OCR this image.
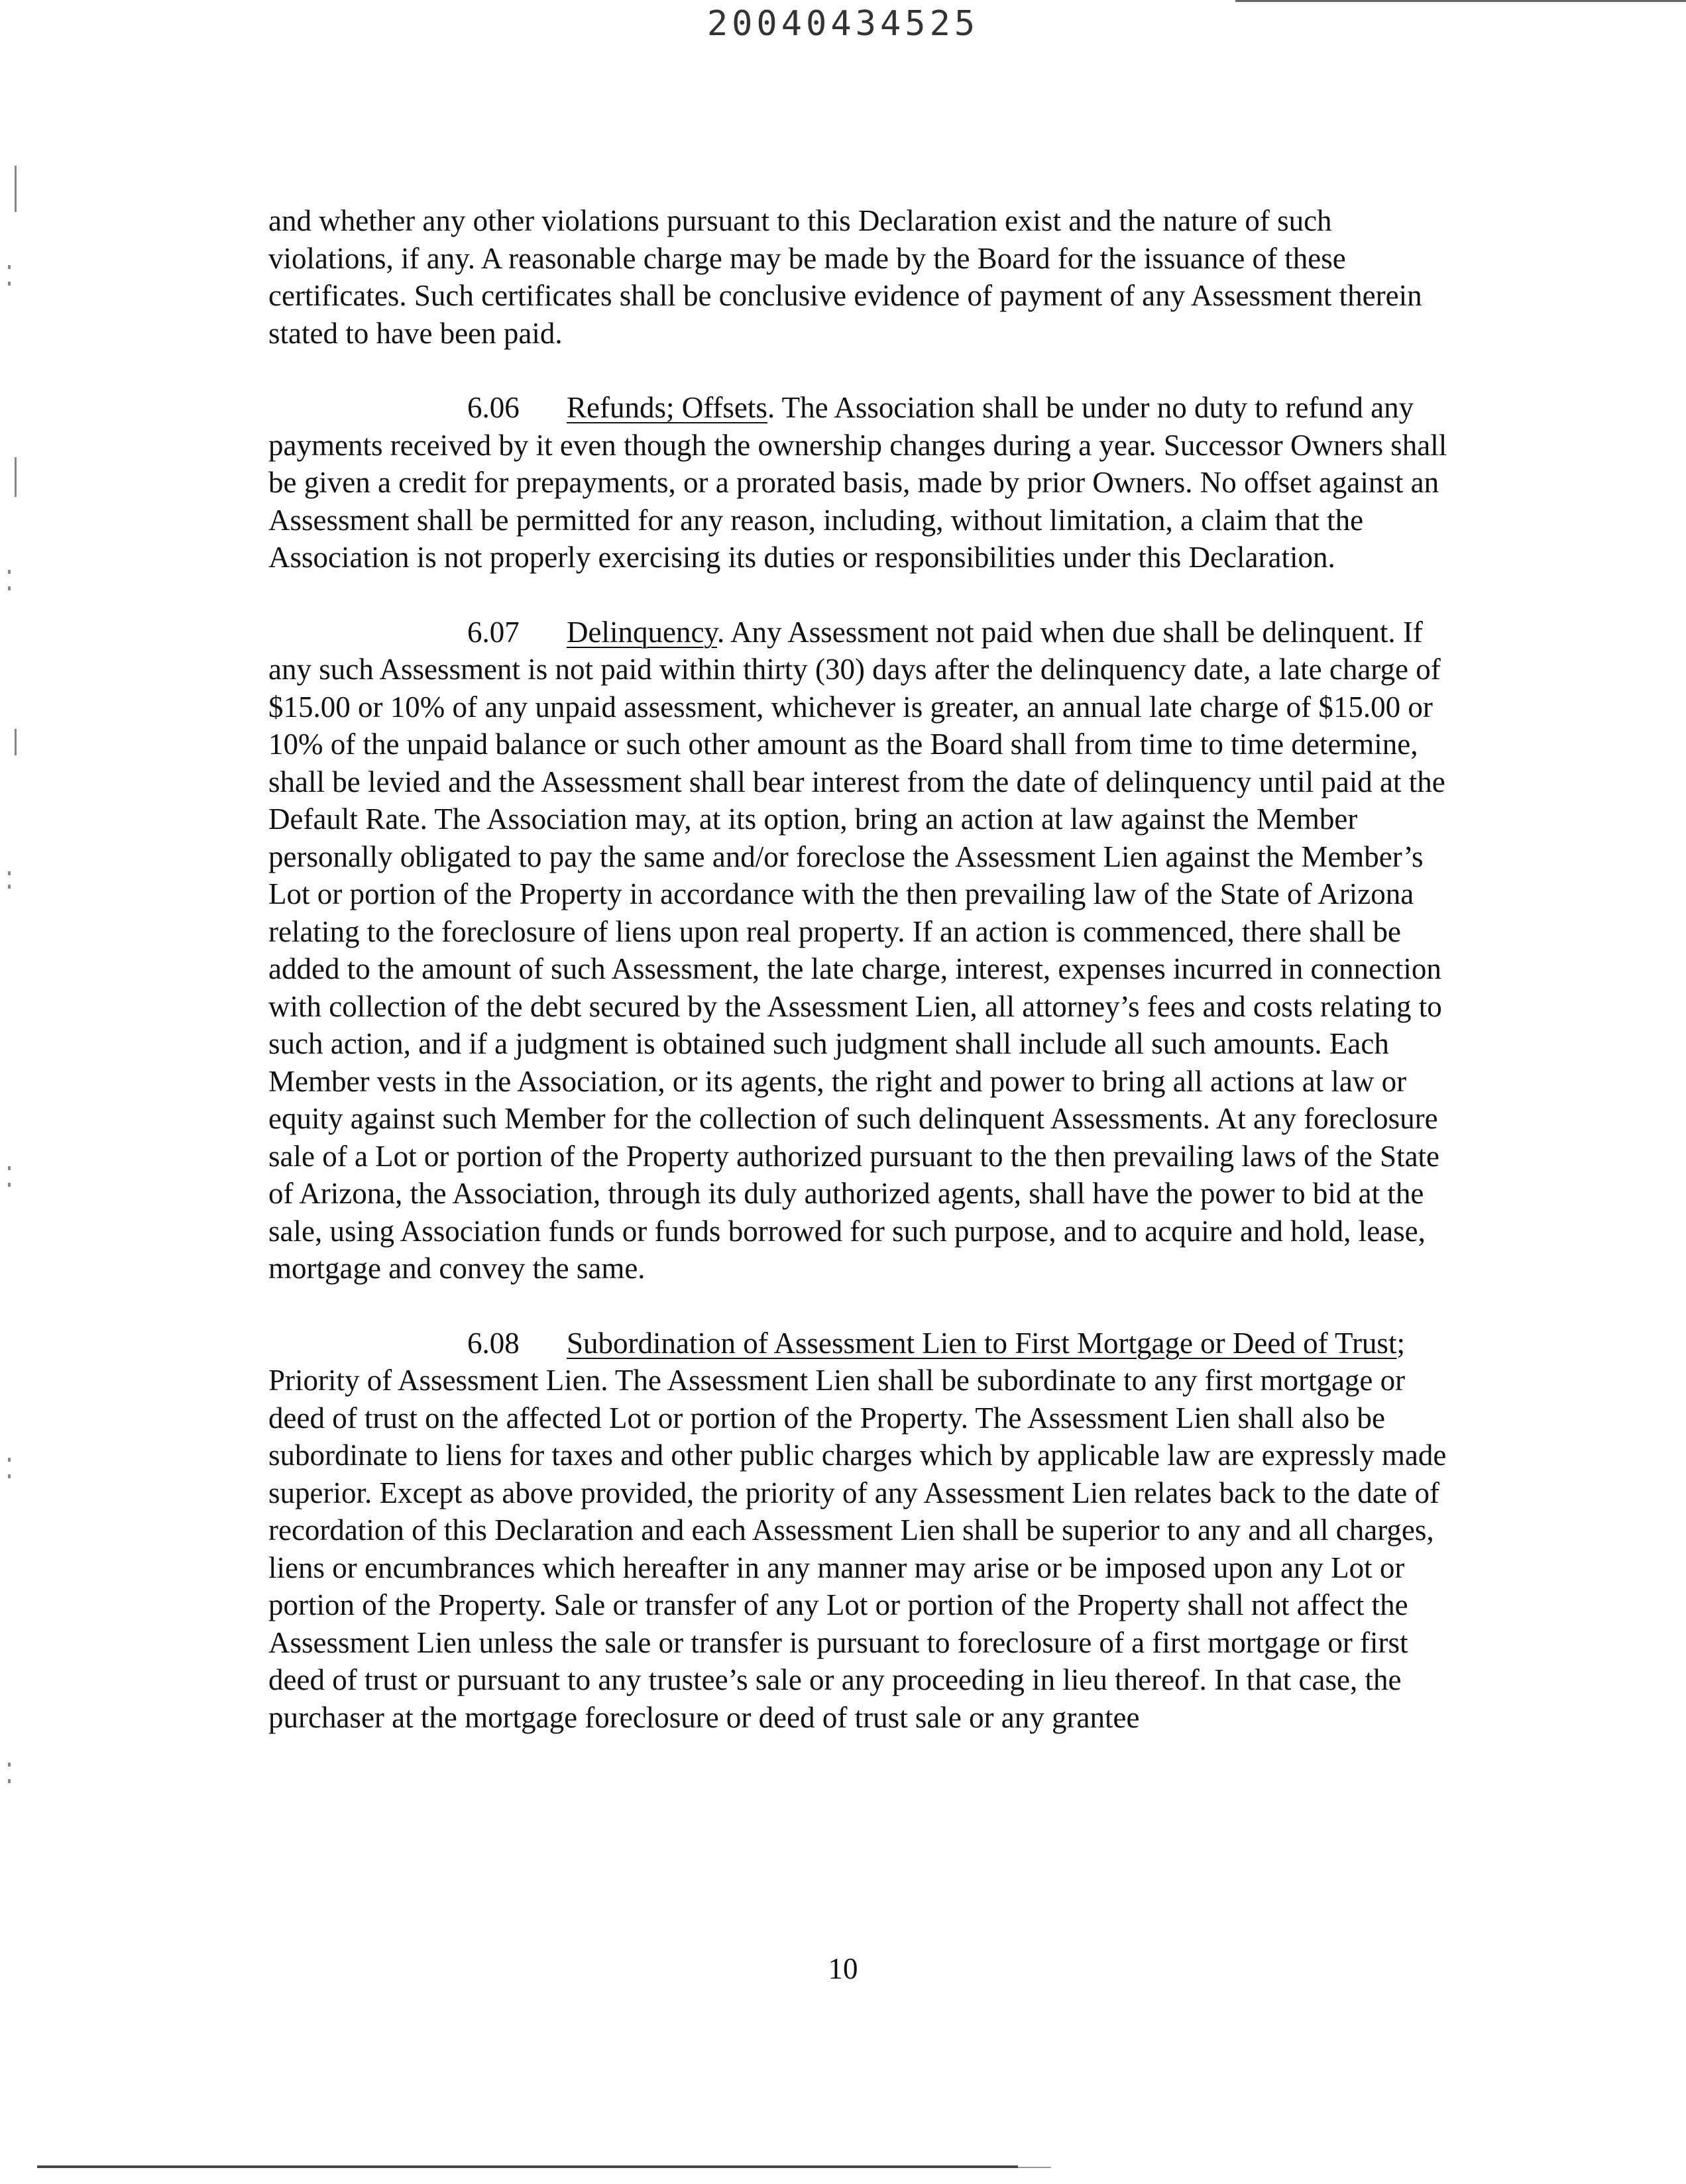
20040434525

and whether any other violations pursuant to this Declaration exist and the nature of such violations, if any. A reasonable charge may be made by the Board for the issuance of these certificates. Such certificates shall be conclusive evidence of payment of any Assessment therein stated to have been paid.

6.06 Refunds; Offsets. The Association shall be under no duty to refund any payments received by it even though the ownership changes during a year. Successor Owners shall be given a credit for prepayments, or a prorated basis, made by prior Owners. No offset against an Assessment shall be permitted for any reason, including, without limitation, a claim that the Association is not properly exercising its duties or responsibilities under this Declaration.

6.07 Delinquency. Any Assessment not paid when due shall be delinquent. If any such Assessment is not paid within thirty (30) days after the delinquency date, a late charge of $15.00 or 10% of any unpaid assessment, whichever is greater, an annual late charge of $15.00 or 10% of the unpaid balance or such other amount as the Board shall from time to time determine, shall be levied and the Assessment shall bear interest from the date of delinquency until paid at the Default Rate. The Association may, at its option, bring an action at law against the Member personally obligated to pay the same and/or foreclose the Assessment Lien against the Member’s Lot or portion of the Property in accordance with the then prevailing law of the State of Arizona relating to the foreclosure of liens upon real property. If an action is commenced, there shall be added to the amount of such Assessment, the late charge, interest, expenses incurred in connection with collection of the debt secured by the Assessment Lien, all attorney’s fees and costs relating to such action, and if a judgment is obtained such judgment shall include all such amounts. Each Member vests in the Association, or its agents, the right and power to bring all actions at law or equity against such Member for the collection of such delinquent Assessments. At any foreclosure sale of a Lot or portion of the Property authorized pursuant to the then prevailing laws of the State of Arizona, the Association, through its duly authorized agents, shall have the power to bid at the sale, using Association funds or funds borrowed for such purpose, and to acquire and hold, lease, mortgage and convey the same.

6.08 Subordination of Assessment Lien to First Mortgage or Deed of Trust; Priority of Assessment Lien. The Assessment Lien shall be subordinate to any first mortgage or deed of trust on the affected Lot or portion of the Property. The Assessment Lien shall also be subordinate to liens for taxes and other public charges which by applicable law are expressly made superior. Except as above provided, the priority of any Assessment Lien relates back to the date of recordation of this Declaration and each Assessment Lien shall be superior to any and all charges, liens or encumbrances which hereafter in any manner may arise or be imposed upon any Lot or portion of the Property. Sale or transfer of any Lot or portion of the Property shall not affect the Assessment Lien unless the sale or transfer is pursuant to foreclosure of a first mortgage or first deed of trust or pursuant to any trustee’s sale or any proceeding in lieu thereof. In that case, the purchaser at the mortgage foreclosure or deed of trust sale or any grantee

10
